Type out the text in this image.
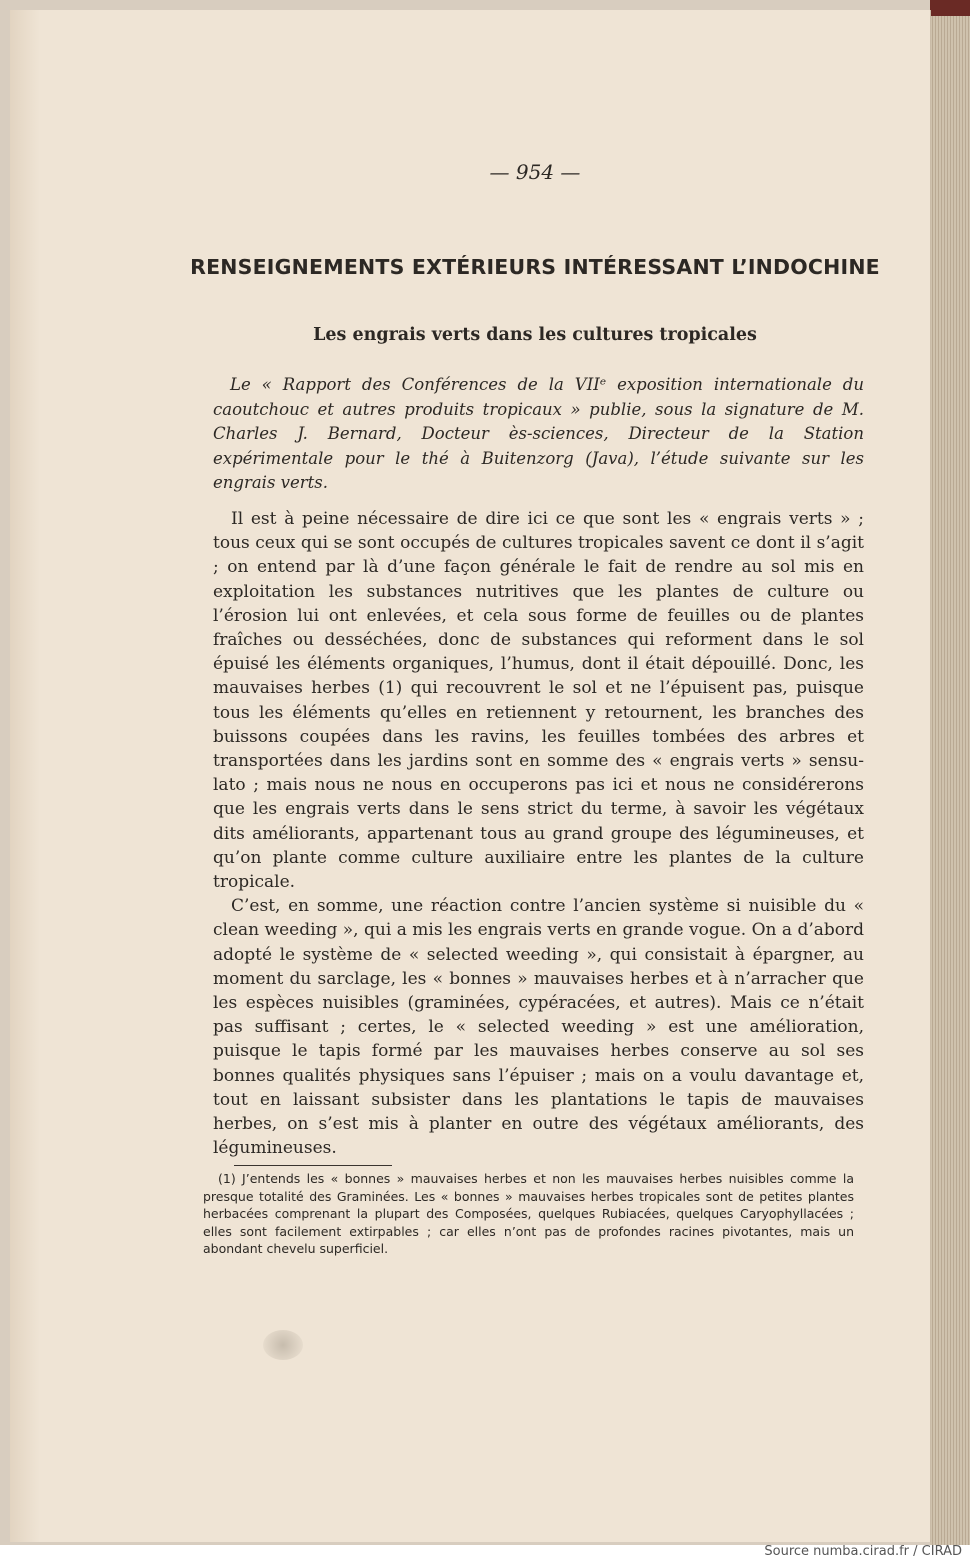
— 954 —
RENSEIGNEMENTS EXTÉRIEURS INTÉRESSANT L’INDOCHINE
Les engrais verts dans les cultures tropicales
Le « Rapport des Conférences de la VIIᵉ exposition internationale du caoutchouc et autres produits tropicaux » publie, sous la signature de M. Charles J. Bernard, Docteur ès-sciences, Directeur de la Station expérimentale pour le thé à Buitenzorg (Java), l’étude suivante sur les engrais verts.

Il est à peine nécessaire de dire ici ce que sont les « engrais verts » ; tous ceux qui se sont occupés de cultures tropicales savent ce dont il s’agit ; on entend par là d’une façon générale le fait de rendre au sol mis en exploitation les substances nutritives que les plantes de culture ou l’érosion lui ont enlevées, et cela sous forme de feuilles ou de plantes fraîches ou desséchées, donc de substances qui reforment dans le sol épuisé les éléments organiques, l’humus, dont il était dépouillé. Donc, les mauvaises herbes (1) qui recouvrent le sol et ne l’épuisent pas, puisque tous les éléments qu’elles en retiennent y retournent, les branches des buissons coupées dans les ravins, les feuilles tombées des arbres et transportées dans les jardins sont en somme des « engrais verts » sensu-lato ; mais nous ne nous en occuperons pas ici et nous ne considérerons que les engrais verts dans le sens strict du terme, à savoir les végétaux dits améliorants, appartenant tous au grand groupe des légumineuses, et qu’on plante comme culture auxiliaire entre les plantes de la culture tropicale.

C’est, en somme, une réaction contre l’ancien système si nuisible du « clean weeding », qui a mis les engrais verts en grande vogue. On a d’abord adopté le système de « selected weeding », qui consistait à épargner, au moment du sarclage, les « bonnes » mauvaises herbes et à n’arracher que les espèces nuisibles (graminées, cypéracées, et autres). Mais ce n’était pas suffisant ; certes, le « selected weeding » est une amélioration, puisque le tapis formé par les mauvaises herbes conserve au sol ses bonnes qualités physiques sans l’épuiser ; mais on a voulu davantage et, tout en laissant subsister dans les plantations le tapis de mauvaises herbes, on s’est mis à planter en outre des végétaux améliorants, des légumineuses.

(1) J’entends les « bonnes » mauvaises herbes et non les mauvaises herbes nuisibles comme la presque totalité des Graminées. Les « bonnes » mauvaises herbes tropicales sont de petites plantes herbacées comprenant la plupart des Composées, quelques Rubiacées, quelques Caryophyllacées ; elles sont facilement extirpables ; car elles n’ont pas de profondes racines pivotantes, mais un abondant chevelu superficiel.
Source numba.cirad.fr / CIRAD
